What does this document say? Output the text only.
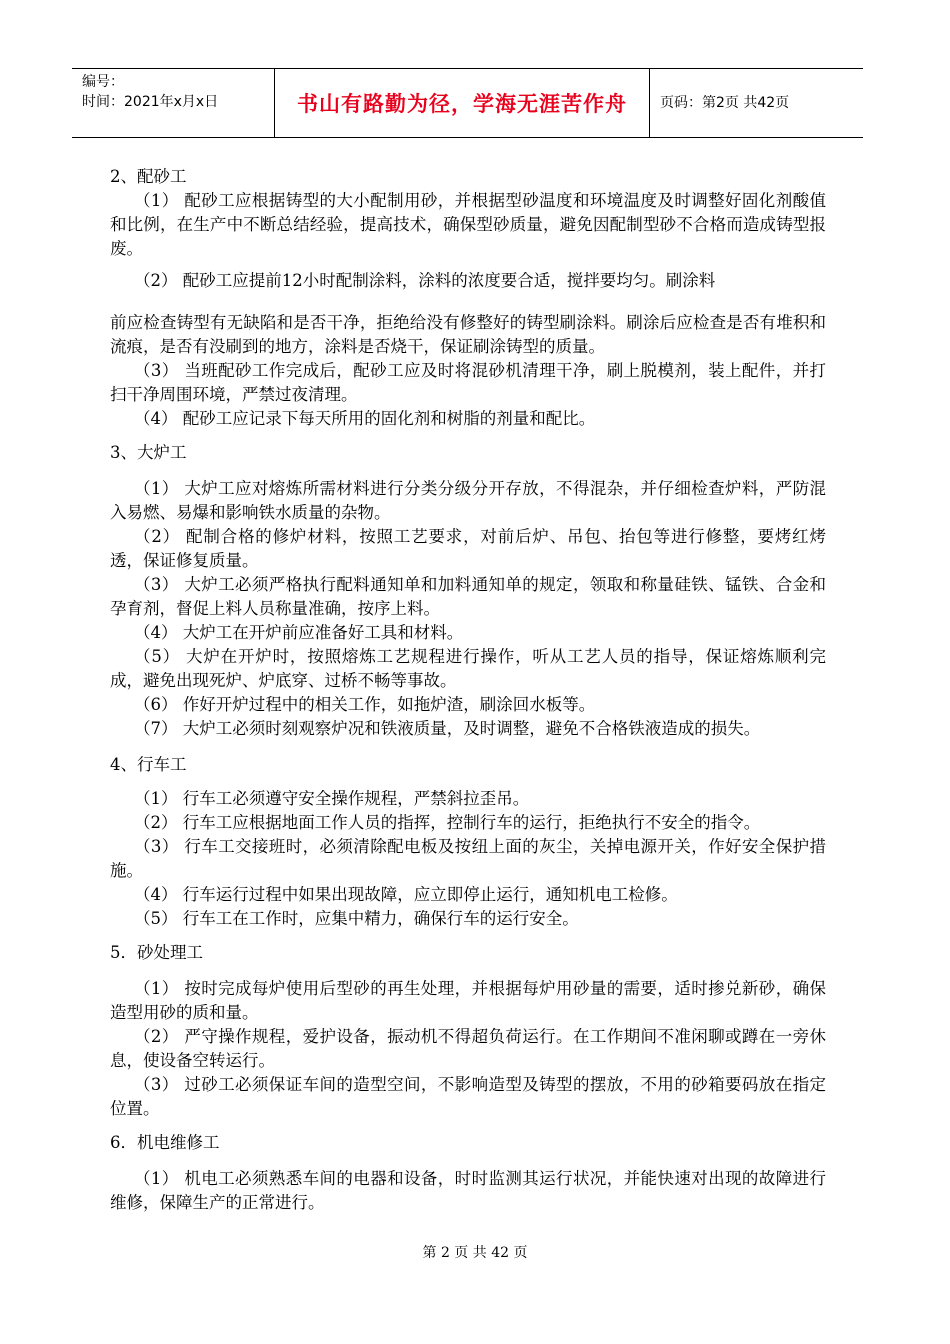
编号：
时间：2021年x月x日	书山有路勤为径，学海无涯苦作舟 页码：第2页 共42页
2、配砂工
（1） 配砂工应根据铸型的大小配制用砂，并根据型砂温度和环境温度及时调整好固化剂酸值和比例，在生产中不断总结经验，提高技术，确保型砂质量，避免因配制型砂不合格而造成铸型报废。
（2） 配砂工应提前12小时配制涂料，涂料的浓度要合适，搅拌要均匀。刷涂料
前应检查铸型有无缺陷和是否干净，拒绝给没有修整好的铸型刷涂料。刷涂后应检查是否有堆积和流痕，是否有没刷到的地方，涂料是否烧干，保证刷涂铸型的质量。
（3） 当班配砂工作完成后，配砂工应及时将混砂机清理干净，刷上脱模剂，装上配件，并打扫干净周围环境，严禁过夜清理。
（4） 配砂工应记录下每天所用的固化剂和树脂的剂量和配比。
3、大炉工
（1） 大炉工应对熔炼所需材料进行分类分级分开存放，不得混杂，并仔细检查炉料，严防混入易燃、易爆和影响铁水质量的杂物。
（2） 配制合格的修炉材料，按照工艺要求，对前后炉、吊包、抬包等进行修整，要烤红烤透，保证修复质量。
（3） 大炉工必须严格执行配料通知单和加料通知单的规定，领取和称量硅铁、锰铁、合金和孕育剂，督促上料人员称量准确，按序上料。
（4） 大炉工在开炉前应准备好工具和材料。
（5） 大炉在开炉时，按照熔炼工艺规程进行操作，听从工艺人员的指导，保证熔炼顺利完成，避免出现死炉、炉底穿、过桥不畅等事故。
（6） 作好开炉过程中的相关工作，如拖炉渣，刷涂回水板等。
（7） 大炉工必须时刻观察炉况和铁液质量，及时调整，避免不合格铁液造成的损失。
4、行车工
（1） 行车工必须遵守安全操作规程，严禁斜拉歪吊。
（2） 行车工应根据地面工作人员的指挥，控制行车的运行，拒绝执行不安全的指令。
（3） 行车工交接班时，必须清除配电板及按纽上面的灰尘，关掉电源开关，作好安全保护措施。
（4） 行车运行过程中如果出现故障，应立即停止运行，通知机电工检修。
（5） 行车工在工作时，应集中精力，确保行车的运行安全。
5．砂处理工
（1） 按时完成每炉使用后型砂的再生处理，并根据每炉用砂量的需要，适时掺兑新砂，确保造型用砂的质和量。
（2） 严守操作规程，爱护设备，振动机不得超负荷运行。在工作期间不准闲聊或蹲在一旁休息，使设备空转运行。
（3） 过砂工必须保证车间的造型空间，不影响造型及铸型的摆放，不用的砂箱要码放在指定位置。
6．机电维修工
（1） 机电工必须熟悉车间的电器和设备，时时监测其运行状况，并能快速对出现的故障进行维修，保障生产的正常进行。
第 2 页 共 42 页
